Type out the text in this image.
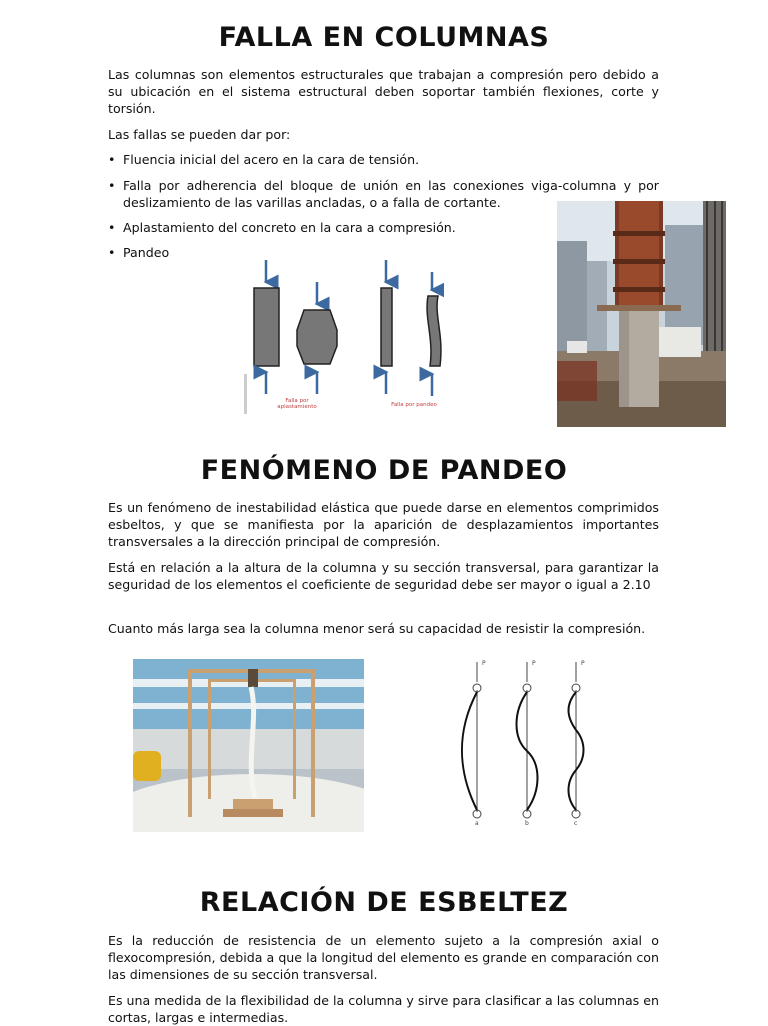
FALLA EN COLUMNAS

Las columnas son elementos estructurales que trabajan a compresión pero debido a su ubicación en el sistema estructural deben soportar también flexiones, corte y torsión.

Las fallas se pueden dar por:

• Fluencia inicial del acero en la cara de tensión.
• Falla por adherencia del bloque de unión en las conexiones viga-columna y por deslizamiento de las varillas ancladas, o a falla de cortante.
• Aplastamiento del concreto en la cara a compresión.
• Pandeo
Falla por aplastamiento	Falla por pandeo
FENÓMENO DE PANDEO

Es un fenómeno de inestabilidad elástica que puede darse en elementos comprimidos esbeltos, y que se manifiesta por la aparición de desplazamientos importantes transversales a la dirección principal de compresión.

Está en relación a la altura de la columna y su sección transversal, para garantizar la seguridad de los elementos el coeficiente de seguridad debe ser mayor o igual a 2.10

Cuanto más larga sea la columna menor será su capacidad de resistir la compresión.

P	P	P
a	b	c
RELACIÓN DE ESBELTEZ

Es la reducción de resistencia de un elemento sujeto a la compresión axial o flexocompresión, debida a que la longitud del elemento es grande en comparación con las dimensiones de su sección transversal.

Es una medida de la flexibilidad de la columna y sirve para clasificar a las columnas en cortas, largas e intermedias.
